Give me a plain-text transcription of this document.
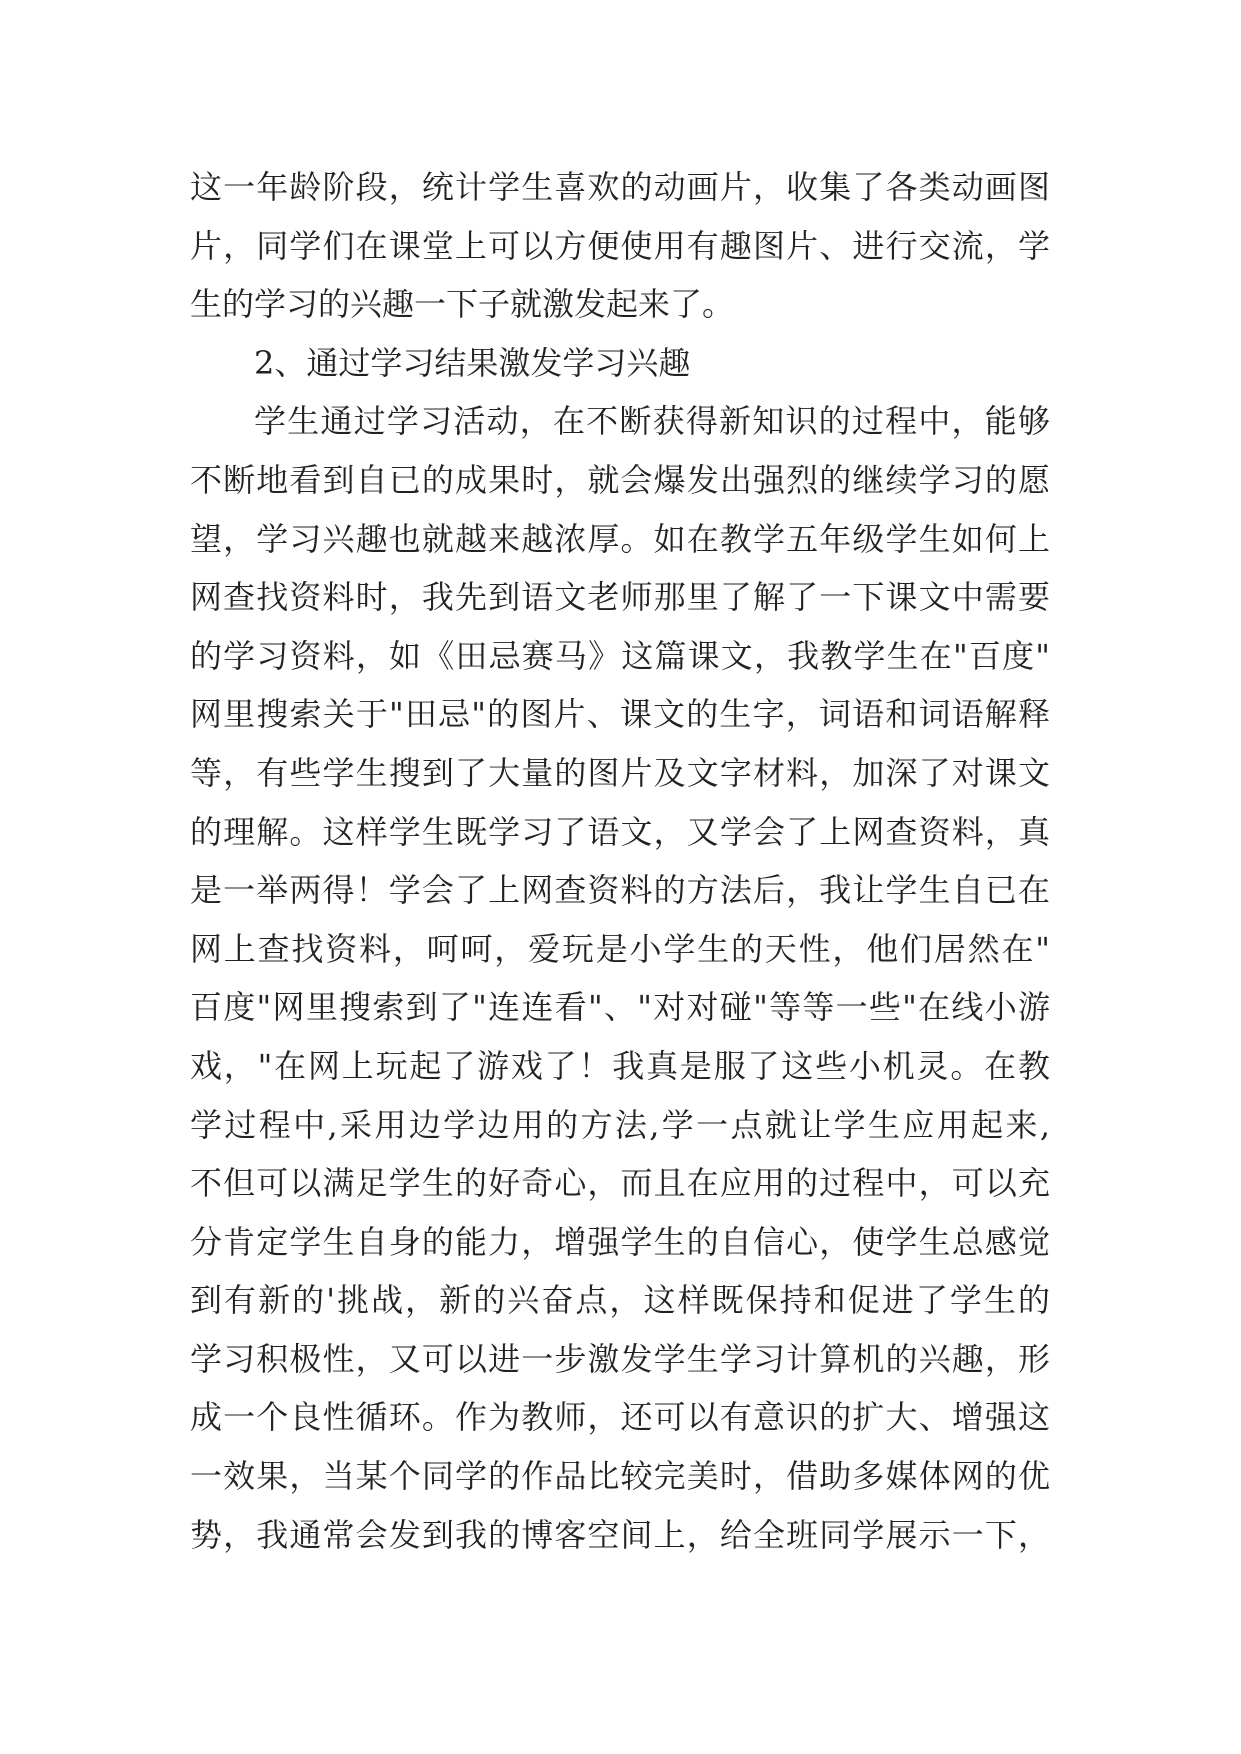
这一年龄阶段，统计学生喜欢的动画片，收集了各类动画图
片，同学们在课堂上可以方便使用有趣图片、进行交流，学
生的学习的兴趣一下子就激发起来了。
2、通过学习结果激发学习兴趣
学生通过学习活动，在不断获得新知识的过程中，能够
不断地看到自已的成果时，就会爆发出强烈的继续学习的愿
望，学习兴趣也就越来越浓厚。如在教学五年级学生如何上
网查找资料时，我先到语文老师那里了解了一下课文中需要
的学习资料，如《田忌赛马》这篇课文，我教学生在"百度"
网里搜索关于"田忌"的图片、课文的生字，词语和词语解释
等，有些学生搜到了大量的图片及文字材料，加深了对课文
的理解。这样学生既学习了语文，又学会了上网查资料，真
是一举两得！学会了上网查资料的方法后，我让学生自已在
网上查找资料，呵呵，爱玩是小学生的天性，他们居然在"
百度"网里搜索到了"连连看"、"对对碰"等等一些"在线小游
戏，"在网上玩起了游戏了！我真是服了这些小机灵。在教
学过程中,采用边学边用的方法,学一点就让学生应用起来,
不但可以满足学生的好奇心，而且在应用的过程中，可以充
分肯定学生自身的能力，增强学生的自信心，使学生总感觉
到有新的'挑战，新的兴奋点，这样既保持和促进了学生的
学习积极性，又可以进一步激发学生学习计算机的兴趣，形
成一个良性循环。作为教师，还可以有意识的扩大、增强这
一效果，当某个同学的作品比较完美时，借助多媒体网的优
势，我通常会发到我的博客空间上，给全班同学展示一下，
